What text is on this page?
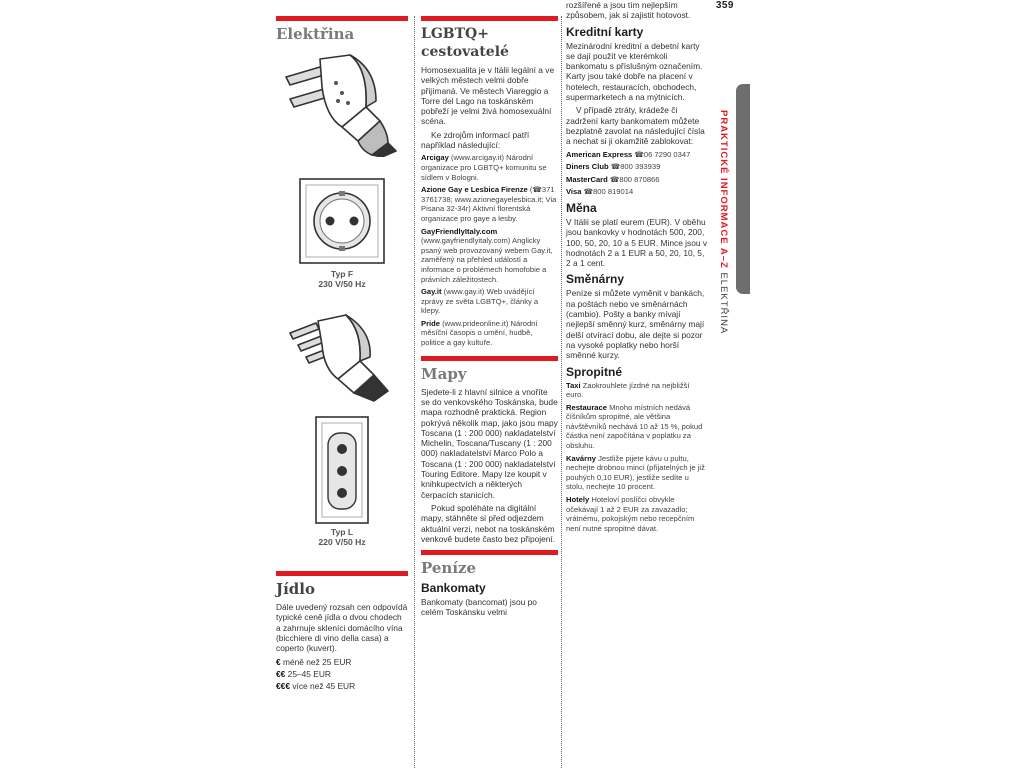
359
Elektřina
Typ F
230 V/50 Hz
Typ L
220 V/50 Hz
Jídlo
Dále uvedený rozsah cen odpovídá typické ceně jídla o dvou chodech a zahrnuje skleníci domácího vína (bicchiere di vino della casa) a coperto (kuvert).
€ méně než 25 EUR
€€ 25–45 EUR
€€€ více než 45 EUR
LGBTQ+ cestovatelé

Homosexualita je v Itálii legální a ve velkých městech velmi dobře přijímaná. Ve městech Viareggio a Torre del Lago na toskánském pobřeží je velmi živá homosexuální scéna.

Ke zdrojům informací patří například následující:

Arcigay (www.arcigay.it) Národní organizace pro LGBTQ+ komunitu se sídlem v Bologni.
Azione Gay e Lesbica Firenze (☎371 3761738; www.azionegayelesbica.it; Via Pisana 32-34r) Aktivní florentská organizace pro gaye a lesby.
GayFriendlyItaly.com (www.gayfriendlyitaly.com) Anglicky psaný web provozovaný webem Gay.it, zaměřený na přehled událostí a informace o problémech homofobie a právních záležitostech.
Gay.it (www.gay.it) Web uvádějící zprávy ze světa LGBTQ+, články a klepy.
Pride (www.prideonline.it) Národní měsíční časopis o umění, hudbě, politice a gay kultuře.
Mapy

Sjedete-li z hlavní silnice a vnoříte se do venkovského Toskánska, bude mapa rozhodně praktická. Region pokrývá několik map, jako jsou mapy Toscana (1 : 200 000) nakladatelství Michelin, Toscana/Tuscany (1 : 200 000) nakladatelství Marco Polo a Toscana (1 : 200 000) nakladatelství Touring Editore. Mapy lze koupit v knihkupectvích a některých čerpacích stanicích.

Pokud spoléháte na digitální mapy, stáhněte si před odjezdem aktuální verzi, nebot na toskánském venkově budete často bez připojení.

Peníze
Bankomaty
Bankomaty (bancomat) jsou po celém Toskánsku velmi
rozšířené a jsou tím nejlepším způsobem, jak si zajistit hotovost.
Kreditní karty

Mezinárodní kreditní a debetní karty se dají použít ve kterémkoli bankomatu s příslušným označením. Karty jsou také dobře na placení v hotelech, restauracích, obchodech, supermarketech a na mýtnicích.

V případě ztráty, krádeže či zadržení karty bankomatem můžete bezplatně zavolat na následující čísla a nechat si ji okamžitě zablokovat:

American Express ☎06 7290 0347
Diners Club ☎800 393939
MasterCard ☎800 870866
Visa ☎800 819014
Měna
V Itálii se platí eurem (EUR). V oběhu jsou bankovky v hodnotách 500, 200, 100, 50, 20, 10 a 5 EUR. Mince jsou v hodnotách 2 a 1 EUR a 50, 20, 10, 5, 2 a 1 cent.
Směnárny
Peníze si můžete vyměnit v bankách, na poštách nebo ve směnárnách (cambio). Pošty a banky mívají nejlepší směnný kurz, směnárny mají delší otvírací dobu, ale dejte si pozor na vysoké poplatky nebo horší směnné kurzy.
Spropitné
Taxi Zaokrouhlete jízdné na nejbližší euro.
Restaurace Mnoho místních nedává číšníkům spropitné, ale většina návštěvníků nechává 10 až 15 %, pokud částka není započítána v poplatku za obsluhu.
Kavárny Jestliže pijete kávu u pultu, nechejte drobnou minci (přijatelných je již pouhých 0,10 EUR), jestliže sedíte u stolu, nechejte 10 procent.
Hotely Hoteloví poslíčci obvykle očekávají 1 až 2 EUR za zavazadlo; vrátnému, pokojským nebo recepčním není nutné spropitné dávat.
PRAKTICKÉ INFORMACE A–Z ELEKTŘINA
